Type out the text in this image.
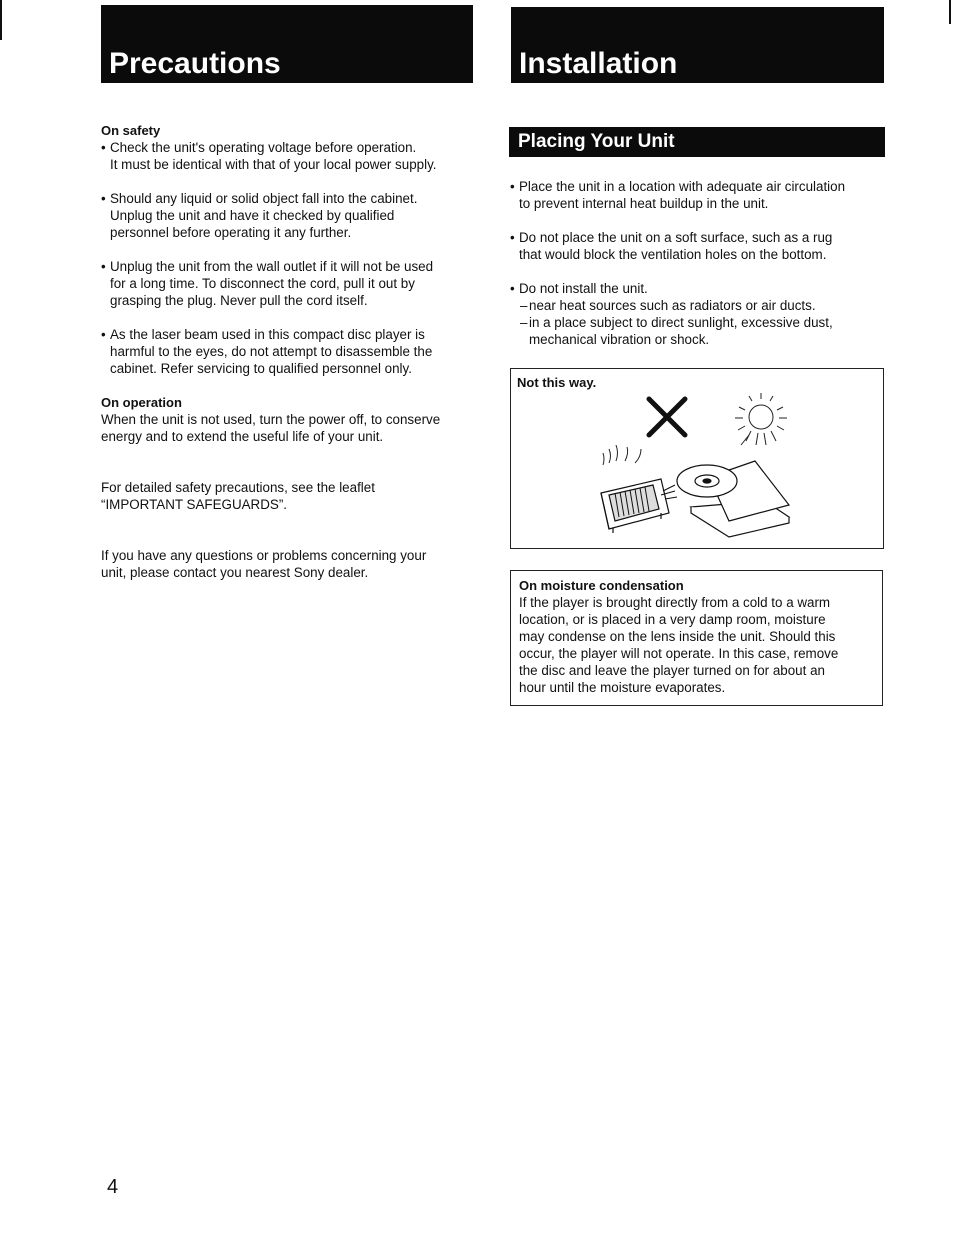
Precautions	Installation

On safety

• Check the unit's operating voltage before operation.

It must be identical with that of your local power supply.

• Should any liquid or solid object fall into the cabinet.

Unplug the unit and have it checked by qualified

personnel before operating it any further.

• Unplug the unit from the wall outlet if it will not be used

for a long time. To disconnect the cord, pull it out by

grasping the plug. Never pull the cord itself.

• As the laser beam used in this compact disc player is

harmful to the eyes, do not attempt to disassemble the

cabinet. Refer servicing to qualified personnel only.

On operation

When the unit is not used, turn the power off, to conserve

energy and to extend the useful life of your unit.

For detailed safety precautions, see the leaflet

“IMPORTANT SAFEGUARDS”.

If you have any questions or problems concerning your

unit, please contact you nearest Sony dealer.

Placing Your Unit

• Place the unit in a location with adequate air circulation

to prevent internal heat buildup in the unit.

• Do not place the unit on a soft surface, such as a rug

that would block the ventilation holes on the bottom.

• Do not install the unit.

– near heat sources such as radiators or air ducts.

– in a place subject to direct sunlight, excessive dust,

mechanical vibration or shock.

Not this way.

On moisture condensation

If the player is brought directly from a cold to a warm

location, or is placed in a very damp room, moisture

may condense on the lens inside the unit. Should this

occur, the player will not operate. In this case, remove

the disc and leave the player turned on for about an

hour until the moisture evaporates.

4
